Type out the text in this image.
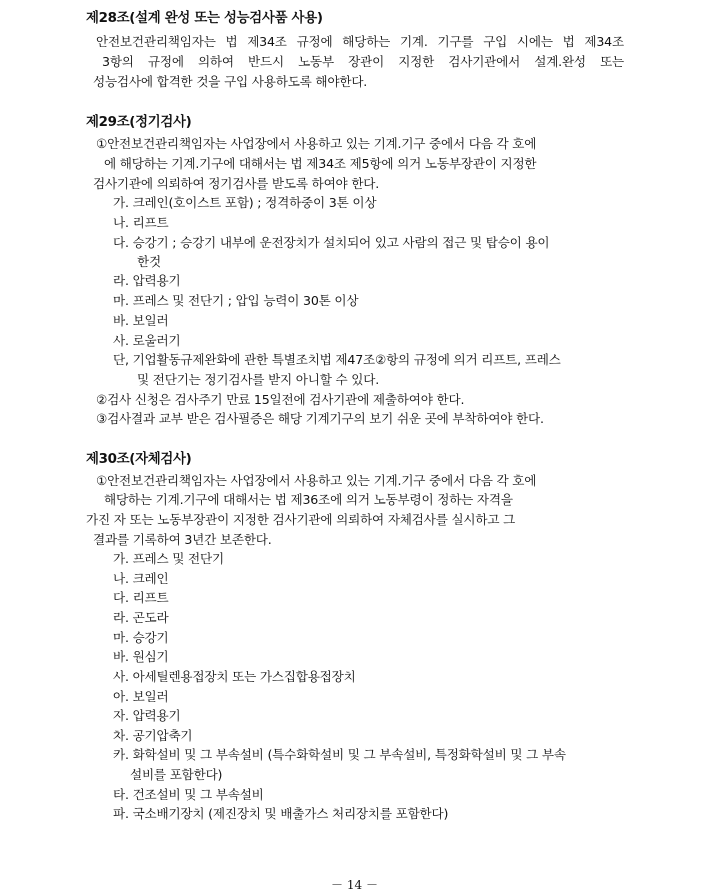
제28조(설계 완성 또는 성능검사품 사용)
안전보건관리책임자는 법 제34조 규정에 해당하는 기계. 기구를 구입 시에는 법 제34조
3항의 규정에 의하여 반드시 노동부 장관이 지정한 검사기관에서 설계.완성 또는
성능검사에 합격한 것을 구입 사용하도록 해야한다.
제29조(정기검사)
①안전보건관리책임자는 사업장에서 사용하고 있는 기계.기구 중에서 다음 각 호에
에 해당하는 기계.기구에 대해서는 법 제34조 제5항에 의거 노동부장관이 지정한
검사기관에 의뢰하여 정기검사를 받도록 하여야 한다.
가. 크레인(호이스트 포함) ; 정격하중이 3톤 이상
나. 리프트
다. 승강기 ; 승강기 내부에 운전장치가 설치되어 있고 사람의 접근 및 탑승이 용이
한것
라. 압력용기
마. 프레스 및 전단기 ; 압입 능력이 30톤 이상
바. 보일러
사. 로울러기
단, 기업활동규제완화에 관한 특별조치법 제47조②항의 규정에 의거 리프트, 프레스
및 전단기는 정기검사를 받지 아니할 수 있다.
②검사 신청은 검사주기 만료 15일전에 검사기관에 제출하여야 한다.
③검사결과 교부 받은 검사필증은 해당 기계기구의 보기 쉬운 곳에 부착하여야 한다.
제30조(자체검사)
①안전보건관리책임자는 사업장에서 사용하고 있는 기계.기구 중에서 다음 각 호에
해당하는 기계.기구에 대해서는 법 제36조에 의거 노동부령이 정하는 자격을
가진 자 또는 노동부장관이 지정한 검사기관에 의뢰하여 자체검사를 실시하고 그
결과를 기록하여 3년간 보존한다.
가. 프레스 및 전단기
나. 크레인
다. 리프트
라. 곤도라
마. 승강기
바. 원심기
사. 아세틸렌용접장치 또는 가스집합용접장치
아. 보일러
자. 압력용기
차. 공기압축기
카. 화학설비 및 그 부속설비 (특수화학설비 및 그 부속설비, 특정화학설비 및 그 부속
설비를 포함한다)
타. 건조설비 및 그 부속설비
파. 국소배기장치 (제진장치 및 배출가스 처리장치를 포함한다)
－ 14 －
